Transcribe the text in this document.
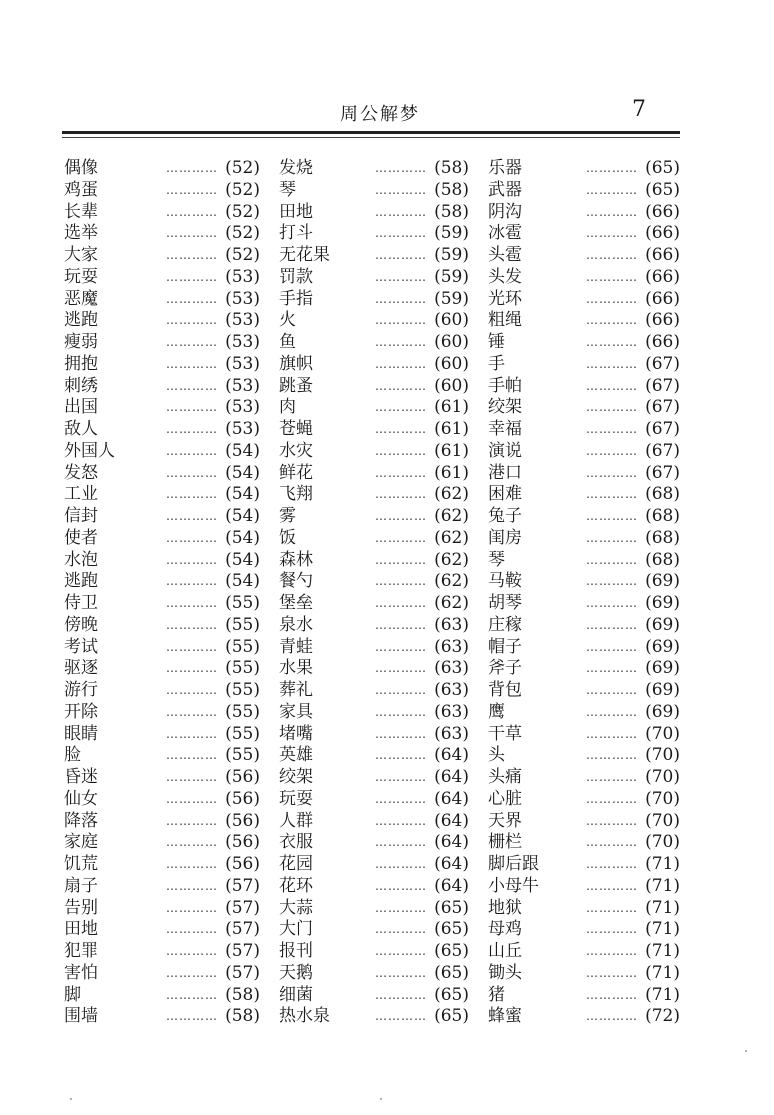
周公解梦	7
…………
偶像	(52)
…………
鸡蛋	(52)
…………
长辈	(52)
…………
选举	(52)
…………
大家	(52)
…………
玩耍	(53)
…………
恶魔	(53)
…………
逃跑	(53)
…………
瘦弱	(53)
…………
拥抱	(53)
…………
刺绣	(53)
…………
出国	(53)
…………
敌人	(53)
…………
外国人	(54)
…………
发怒	(54)
…………
工业	(54)
…………
信封	(54)
…………
使者	(54)
…………
水泡	(54)
…………
逃跑	(54)
…………
侍卫	(55)
…………
傍晚	(55)
…………
考试	(55)
…………
驱逐	(55)
…………
游行	(55)
…………
开除	(55)
…………
眼睛	(55)
…………
脸	(55)
…………
昏迷	(56)
…………
仙女	(56)
…………
降落	(56)
…………
家庭	(56)
…………
饥荒	(56)
…………
扇子	(57)
…………
告别	(57)
…………
田地	(57)
…………
犯罪	(57)
…………
害怕	(57)
…………
脚	(58)
…………
围墙	(58)
…………
发烧	(58)
…………
琴	(58)
…………
田地	(58)
…………
打斗	(59)
…………
无花果	(59)
…………
罚款	(59)
…………
手指	(59)
…………
火	(60)
…………
鱼	(60)
…………
旗帜	(60)
…………
跳蚤	(60)
…………
肉	(61)
…………
苍蝇	(61)
…………
水灾	(61)
…………
鲜花	(61)
…………
飞翔	(62)
…………
雾	(62)
…………
饭	(62)
…………
森林	(62)
…………
餐勺	(62)
…………
堡垒	(62)
…………
泉水	(63)
…………
青蛙	(63)
…………
水果	(63)
…………
葬礼	(63)
…………
家具	(63)
…………
堵嘴	(63)
…………
英雄	(64)
…………
绞架	(64)
…………
玩耍	(64)
…………
人群	(64)
…………
衣服	(64)
…………
花园	(64)
…………
花环	(64)
…………
大蒜	(65)
…………
大门	(65)
…………
报刊	(65)
…………
天鹅	(65)
…………
细菌	(65)
…………
热水泉	(65)
…………
乐器	(65)
…………
武器	(65)
…………
阴沟	(66)
…………
冰雹	(66)
…………
头雹	(66)
…………
头发	(66)
…………
光环	(66)
…………
粗绳	(66)
…………
锤	(66)
…………
手	(67)
…………
手帕	(67)
…………
绞架	(67)
…………
幸福	(67)
…………
演说	(67)
…………
港口	(67)
…………
困难	(68)
…………
兔子	(68)
…………
闺房	(68)
…………
琴	(68)
…………
马鞍	(69)
…………
胡琴	(69)
…………
庄稼	(69)
…………
帽子	(69)
…………
斧子	(69)
…………
背包	(69)
…………
鹰	(69)
…………
干草	(70)
…………
头	(70)
…………
头痛	(70)
…………
心脏	(70)
…………
天界	(70)
…………
栅栏	(70)
…………
脚后跟	(71)
…………
小母牛	(71)
…………
地狱	(71)
…………
母鸡	(71)
…………
山丘	(71)
…………
锄头	(71)
…………
猪	(71)
…………
蜂蜜	(72)
